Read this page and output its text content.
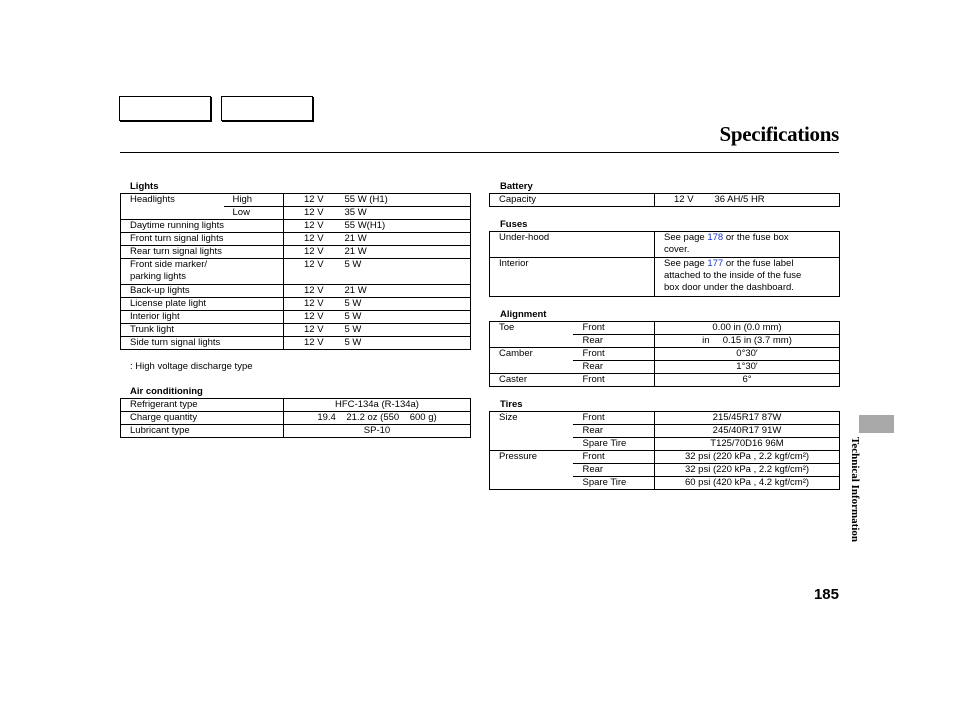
Specifications
Lights
Headlights	High	12 V	55 W (H1)
	Low	12 V	35 W
Daytime running lights		12 V	55 W(H1)
Front turn signal lights		12 V	21 W
Rear turn signal lights		12 V	21 W

Front side marker/
parking lights		12 V	5 W
Back-up lights		12 V	21 W
License plate light		12 V	5 W
Interior light		12 V	5 W
Trunk light		12 V	5 W
Side turn signal lights		12 V	5 W
: High voltage discharge type
Air conditioning
Refrigerant type	HFC-134a (R-134a)
Charge quantity	19.4    21.2 oz (550    600 g)
Lubricant type	SP-10
Battery
Capacity	12 V	36 AH/5 HR
Fuses
Under-hood	See page 178 or the fuse box
cover.

Interior	See page 177 or the fuse label
attached to the inside of the fuse
box door under the dashboard.
Alignment
Toe	Front	0.00 in (0.0 mm)
	Rear	in     0.15 in (3.7 mm)
Camber	Front	0°30′
	Rear	1°30′
Caster	Front	6°
Tires
Size	Front	215/45R17 87W
	Rear	245/40R17 91W
	Spare Tire	T125/70D16 96M
Pressure	Front	32 psi (220 kPa , 2.2 kgf/cm²)
	Rear	32 psi (220 kPa , 2.2 kgf/cm²)
	Spare Tire	60 psi (420 kPa , 4.2 kgf/cm²)	Technical Information
185
